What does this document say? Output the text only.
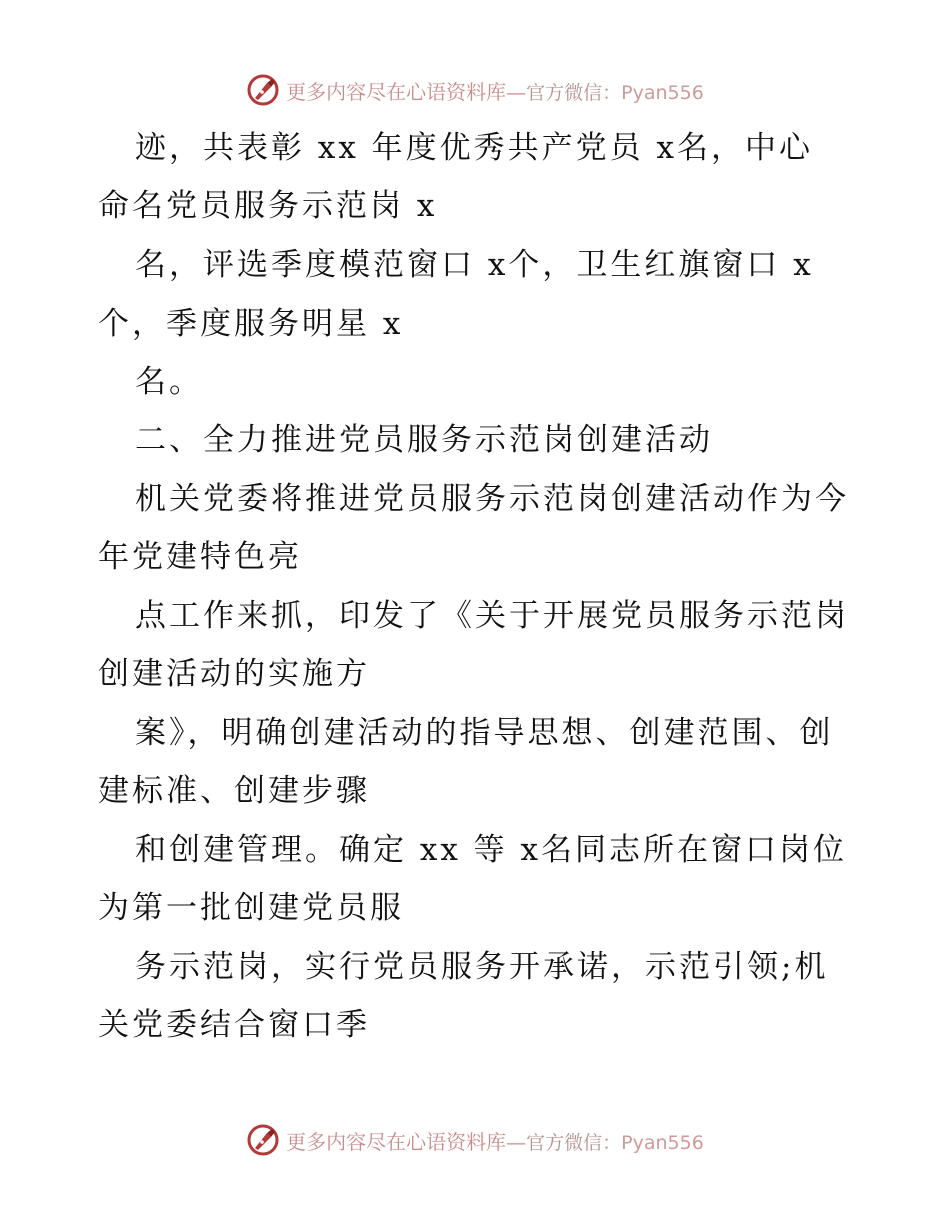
更多内容尽在心语资料库—官方微信：Pyan556
迹，共表彰 xx 年度优秀共产党员 x名，中心
命名党员服务示范岗 x
名，评选季度模范窗口 x个，卫生红旗窗口 x
个，季度服务明星 x
名。
二、全力推进党员服务示范岗创建活动
机关党委将推进党员服务示范岗创建活动作为今
年党建特色亮
点工作来抓，印发了《关于开展党员服务示范岗
创建活动的实施方
案》，明确创建活动的指导思想、创建范围、创
建标准、创建步骤
和创建管理。确定 xx 等 x名同志所在窗口岗位
为第一批创建党员服
务示范岗，实行党员服务开承诺，示范引领;机
关党委结合窗口季
更多内容尽在心语资料库—官方微信：Pyan556
